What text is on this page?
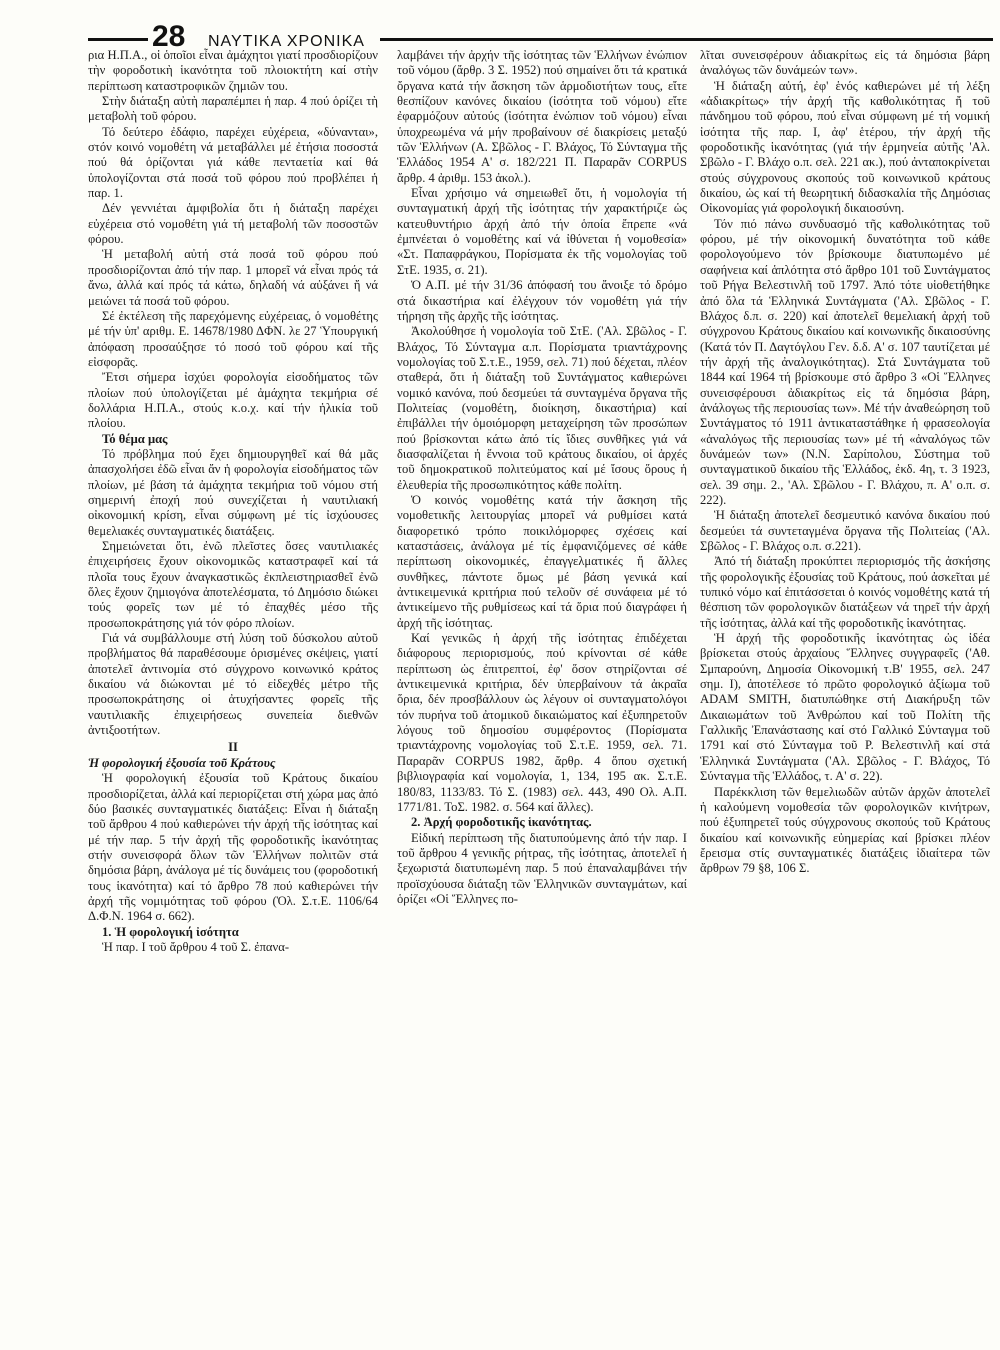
28 ΝΑΥΤΙΚΑ ΧΡΟΝΙΚΑ

ρια Η.Π.Α., οἱ ὁποῖοι εἶναι ἀμάχητοι γιατί προσδιορίζουν τὴν φοροδοτικὴ ἱκανότητα τοῦ πλοιοκτήτη καί στὴν περίπτωση καταστροφικῶν ζημιῶν του.

Στὴν διάταξη αὐτὴ παραπέμπει ἡ παρ. 4 πού ὁρίζει τὴ μεταβολὴ τοῦ φόρου.

Τό δεύτερο ἐδάφιο, παρέχει εὐχέρεια, «δύνανται», στόν κοινό νομοθέτη νά μεταβάλλει μέ ἐτήσια ποσοστά πού θά ὁρίζονται γιά κάθε πενταετία καί θά ὑπολογίζονται στά ποσά τοῦ φόρου πού προβλέπει ἡ παρ. 1.

Δέν γεννιέται ἀμφιβολία ὅτι ἡ διάταξη παρέχει εὐχέρεια στό νομοθέτη γιά τή μεταβολή τῶν ποσοστῶν φόρου.

Ἡ μεταβολή αὐτή στά ποσά τοῦ φόρου πού προσδιορίζονται ἀπό τήν παρ. 1 μπορεῖ νά εἶναι πρός τά ἄνω, ἀλλά καί πρός τά κάτω, δηλαδή νά αὐξάνει ἤ νά μειώνει τά ποσά τοῦ φόρου.

Σέ ἐκτέλεση τῆς παρεχόμενης εὐχέρειας, ὁ νομοθέτης μέ τήν ὑπ' αριθμ. Ε. 14678/1980 ΔΦΝ. λε 27 Ὑπουργική ἀπόφαση προσαύξησε τό ποσό τοῦ φόρου καί τῆς εἰσφορᾶς.

Ἔτσι σήμερα ἰσχύει φορολογία εἰσοδήματος τῶν πλοίων πού ὑπολογίζεται μέ ἀμάχητα τεκμήρια σέ δολλάρια Η.Π.Α., στούς κ.ο.χ. καί τήν ἡλικία τοῦ πλοίου.

Τό θέμα μας

Τό πρόβλημα πού ἔχει δημιουργηθεῖ καί θά μᾶς ἀπασχολήσει ἐδῶ εἶναι ἄν ἡ φορολογία εἰσοδήματος τῶν πλοίων, μέ βάση τά ἀμάχητα τεκμήρια τοῦ νόμου στή σημερινή ἐποχή πού συνεχίζεται ἡ ναυτιλιακή οἰκονομική κρίση, εἶναι σύμφωνη μέ τίς ἰσχύουσες θεμελιακές συνταγματικές διατάξεις.

Σημειώνεται ὅτι, ἐνῶ πλεῖστες ὅσες ναυτιλιακές ἐπιχειρήσεις ἔχουν οἰκονομικῶς καταστραφεῖ καί τά πλοῖα τους ἔχουν ἀναγκαστικῶς ἐκπλειστηριασθεῖ ἐνῶ ὅλες ἔχουν ζημιογόνα ἀποτελέσματα, τό Δημόσιο διώκει τούς φορεῖς των μέ τό ἐπαχθές μέσο τῆς προσωποκράτησης γιά τόν φόρο πλοίων.

Γιά νά συμβάλλουμε στή λύση τοῦ δύσκολου αὐτοῦ προβλήματος θά παραθέσουμε ὁρισμένες σκέψεις, γιατί ἀποτελεῖ ἀντινομία στό σύγχρονο κοινωνικό κράτος δικαίου νά διώκονται μέ τό εἰδεχθές μέτρο τῆς προσωποκράτησης οἱ ἀτυχήσαντες φορεῖς τῆς ναυτιλιακῆς ἐπιχειρήσεως συνεπεία διεθνῶν ἀντιξοοτήτων.

ΙΙ

Ἡ φορολογική ἐξουσία τοῦ Κράτους

Ἡ φορολογική ἐξουσία τοῦ Κράτους δικαίου προσδιορίζεται, ἀλλά καί περιορίζεται στή χώρα μας ἀπό δύο βασικές συνταγματικές διατάξεις: Εἶναι ἡ διάταξη τοῦ ἄρθρου 4 πού καθιερώνει τήν ἀρχή τῆς ἰσότητας καί μέ τήν παρ. 5 τήν ἀρχή τῆς φοροδοτικῆς ἱκανότητας στήν συνεισφορά ὅλων τῶν Ἑλλήνων πολιτῶν στά δημόσια βάρη, ἀνάλογα μέ τίς δυνάμεις του (φοροδοτική τους ἱκανότητα) καί τό ἄρθρο 78 πού καθιερώνει τήν ἀρχή τῆς νομιμότητας τοῦ φόρου (Ὁλ. Σ.τ.Ε. 1106/64 Δ.Φ.Ν. 1964 σ. 662).

1. Ἡ φορολογική ἰσότητα

Ἡ παρ. Ι τοῦ ἄρθρου 4 τοῦ Σ. ἐπανα-

λαμβάνει τήν ἀρχήν τῆς ἰσότητας τῶν Ἑλλήνων ἐνώπιον τοῦ νόμου (ἄρθρ. 3 Σ. 1952) πού σημαίνει ὅτι τά κρατικά ὄργανα κατά τήν ἄσκηση τῶν ἁρμοδιοτήτων τους, εἴτε θεσπίζουν κανόνες δικαίου (ἰσότητα τοῦ νόμου) εἴτε ἐφαρμόζουν αὐτούς (ἰσότητα ἐνώπιον τοῦ νόμου) εἶναι ὑποχρεωμένα νά μήν προβαίνουν σέ διακρίσεις μεταξύ τῶν Ἑλλήνων (Α. Σβῶλος - Γ. Βλάχος, Τό Σύνταγμα τῆς Ἑλλάδος 1954 Α' σ. 182/221 Π. Παραρᾶν CORPUS ἄρθρ. 4 ἀριθμ. 153 ἀκολ.).

Εἶναι χρήσιμο νά σημειωθεῖ ὅτι, ἡ νομολογία τή συνταγματική ἀρχή τῆς ἰσότητας τήν χαρακτήριζε ὡς κατευθυντήριο ἀρχή ἀπό τήν ὁποία ἔπρεπε «νά ἐμπνέεται ὁ νομοθέτης καί νά ἰθύνεται ἡ νομοθεσία» «Στ. Παπαφράγκου, Πορίσματα ἐκ τῆς νομολογίας τοῦ ΣτΕ. 1935, σ. 21).

Ὁ Α.Π. μέ τήν 31/36 ἀπόφασή του ἄνοιξε τό δρόμο στά δικαστήρια καί ἐλέγχουν τόν νομοθέτη γιά τήν τήρηση τῆς ἀρχῆς τῆς ἰσότητας.

Ἀκολούθησε ἡ νομολογία τοῦ ΣτΕ. ('Αλ. Σβῶλος - Γ. Βλάχος, Τό Σύνταγμα α.π. Πορίσματα τριαντάχρονης νομολογίας τοῦ Σ.τ.Ε., 1959, σελ. 71) πού δέχεται, πλέον σταθερά, ὅτι ἡ διάταξη τοῦ Συντάγματος καθιερώνει νομικό κανόνα, πού δεσμεύει τά συνταγμένα ὄργανα τῆς Πολιτείας (νομοθέτη, διοίκηση, δικαστήρια) καί ἐπιβάλλει τήν ὁμοιόμορφη μεταχείρηση τῶν προσώπων πού βρίσκονται κάτω ἀπό τίς ἴδιες συνθῆκες γιά νά διασφαλίζεται ἡ ἔννοια τοῦ κράτους δικαίου, οἱ ἀρχές τοῦ δημοκρατικοῦ πολιτεύματος καί μέ ἴσους ὅρους ἡ ἐλευθερία τῆς προσωπικότητος κάθε πολίτη.

Ὁ κοινός νομοθέτης κατά τήν ἄσκηση τῆς νομοθετικῆς λειτουργίας μπορεῖ νά ρυθμίσει κατά διαφορετικό τρόπο ποικιλόμορφες σχέσεις καί καταστάσεις, ἀνάλογα μέ τίς ἐμφανιζόμενες σέ κάθε περίπτωση οἰκονομικές, ἐπαγγελματικές ἤ ἄλλες συνθῆκες, πάντοτε ὅμως μέ βάση γενικά καί ἀντικειμενικά κριτήρια πού τελοῦν σέ συνάφεια μέ τό ἀντικείμενο τῆς ρυθμίσεως καί τά ὅρια πού διαγράφει ἡ ἀρχή τῆς ἰσότητας.

Καί γενικῶς ἡ ἀρχή τῆς ἰσότητας ἐπιδέχεται διάφορους περιορισμούς, πού κρίνονται σέ κάθε περίπτωση ὡς ἐπιτρεπτοί, ἐφ' ὅσον στηρίζονται σέ ἀντικειμενικά κριτήρια, δέν ὑπερβαίνουν τά ἀκραῖα ὅρια, δέν προσβάλλουν ὡς λέγουν οἱ συνταγματολόγοι τόν πυρήνα τοῦ ἀτομικοῦ δικαιώματος καί ἐξυπηρετοῦν λόγους τοῦ δημοσίου συμφέροντος (Πορίσματα τριαντάχρονης νομολογίας τοῦ Σ.τ.Ε. 1959, σελ. 71. Παραρᾶν CORPUS 1982, ἄρθρ. 4 ὅπου σχετική βιβλιογραφία καί νομολογία, 1, 134, 195 ακ. Σ.τ.Ε. 180/83, 1133/83. Τό Σ. (1983) σελ. 443, 490 Ολ. Α.Π. 1771/81. ΤοΣ. 1982. σ. 564 καί ἄλλες).

2. Ἀρχή φοροδοτικῆς ἱκανότητας.

Εἰδική περίπτωση τῆς διατυπούμενης ἀπό τήν παρ. Ι τοῦ ἄρθρου 4 γενικῆς ρήτρας, τῆς ἰσότητας, ἀποτελεῖ ἡ ξεχωριστά διατυπωμένη παρ. 5 πού ἐπαναλαμβάνει τήν προϊσχύουσα διάταξη τῶν Ἑλληνικῶν συνταγμάτων, καί ὁρίζει «Οἱ Ἕλληνες πο-

λῖται συνεισφέρουν ἀδιακρίτως εἰς τά δημόσια βάρη ἀναλόγως τῶν δυνάμεών των».

Ἡ διάταξη αὐτή, ἐφ' ἑνός καθιερώνει μέ τή λέξη «ἀδιακρίτως» τήν ἀρχή τῆς καθολικότητας ἤ τοῦ πάνδημου τοῦ φόρου, πού εἶναι σύμφωνη μέ τή νομική ἰσότητα τῆς παρ. Ι, ἀφ' ἑτέρου, τήν ἀρχή τῆς φοροδοτικῆς ἱκανότητας (γιά τήν ἑρμηνεία αὐτῆς 'Αλ. Σβῶλο - Γ. Βλάχο ο.π. σελ. 221 ακ.), πού ἀνταποκρίνεται στούς σύγχρονους σκοπούς τοῦ κοινωνικοῦ κράτους δικαίου, ὡς καί τή θεωρητική διδασκαλία τῆς Δημόσιας Οἰκονομίας γιά φορολογική δικαιοσύνη.

Τόν πιό πάνω συνδυασμό τῆς καθολικότητας τοῦ φόρου, μέ τήν οἰκονομική δυνατότητα τοῦ κάθε φορολογούμενο τόν βρίσκουμε διατυπωμένο μέ σαφήνεια καί ἁπλότητα στό ἄρθρο 101 τοῦ Συντάγματος τοῦ Ρήγα Βελεστινλῆ τοῦ 1797. Ἀπό τότε υἱοθετήθηκε ἀπό ὅλα τά Ἑλληνικά Συντάγματα ('Αλ. Σβῶλος - Γ. Βλάχος δ.π. σ. 220) καί ἀποτελεῖ θεμελιακή ἀρχή τοῦ σύγχρονου Κράτους δικαίου καί κοινωνικῆς δικαιοσύνης (Κατά τόν Π. Δαγτόγλου Γεν. δ.δ. Α' σ. 107 ταυτίζεται μέ τήν ἀρχή τῆς ἀναλογικότητας). Στά Συντάγματα τοῦ 1844 καί 1964 τή βρίσκουμε στό ἄρθρο 3 «Οἱ Ἕλληνες συνεισφέρουσι ἀδιακρίτως εἰς τά δημόσια βάρη, ἀνάλογως τῆς περιουσίας των». Μέ τήν ἀναθεώρηση τοῦ Συντάγματος τό 1911 ἀντικαταστάθηκε ἡ φρασεολογία «ἀναλόγως τῆς περιουσίας των» μέ τή «ἀναλόγως τῶν δυνάμεών των» (Ν.Ν. Σαρίπολου, Σύστημα τοῦ συνταγματικοῦ δικαίου τῆς Ἑλλάδος, ἐκδ. 4η, τ. 3 1923, σελ. 39 σημ. 2., 'Αλ. Σβῶλου - Γ. Βλάχου, π. Α' ο.π. σ. 222).

Ἡ διάταξη ἀποτελεῖ δεσμευτικό κανόνα δικαίου πού δεσμεύει τά συντεταγμένα ὄργανα τῆς Πολιτείας ('Αλ. Σβῶλος - Γ. Βλάχος ο.π. σ.221).

Ἀπό τή διάταξη προκύπτει περιορισμός τῆς ἀσκήσης τῆς φορολογικῆς ἐξουσίας τοῦ Κράτους, πού ἀσκεῖται μέ τυπικό νόμο καί ἐπιτάσσεται ὁ κοινός νομοθέτης κατά τή θέσπιση τῶν φορολογικῶν διατάξεων νά τηρεῖ τήν ἀρχή τῆς ἰσότητας, ἀλλά καί τῆς φοροδοτικῆς ἱκανότητας.

Ἡ ἀρχή τῆς φοροδοτικῆς ἱκανότητας ὡς ἰδέα βρίσκεται στούς ἀρχαίους Ἕλληνες συγγραφεῖς ('Αθ. Σμπαρούνη, Δημοσία Οἰκονομική τ.Β' 1955, σελ. 247 σημ. Ι), ἀποτέλεσε τό πρῶτο φορολογικό ἀξίωμα τοῦ ADAM SMITH, διατυπώθηκε στή Διακήρυξη τῶν Δικαιωμάτων τοῦ Ἀνθρώπου καί τοῦ Πολίτη τῆς Γαλλικῆς Ἐπανάστασης καί στό Γαλλικό Σύνταγμα τοῦ 1791 καί στό Σύνταγμα τοῦ Ρ. Βελεστινλῆ καί στά Ἑλληνικά Συντάγματα ('Αλ. Σβῶλος - Γ. Βλάχος, Τό Σύνταγμα τῆς Ἑλλάδος, τ. Α' σ. 22).

Παρέκκλιση τῶν θεμελιωδῶν αὐτῶν ἀρχῶν ἀποτελεῖ ἡ καλούμενη νομοθεσία τῶν φορολογικῶν κινήτρων, πού ἐξυπηρετεῖ τούς σύγχρονους σκοπούς τοῦ Κράτους δικαίου καί κοινωνικῆς εὐημερίας καί βρίσκει πλέον ἔρεισμα στίς συνταγματικές διατάξεις ἰδιαίτερα τῶν ἄρθρων 79 §8, 106 Σ.
